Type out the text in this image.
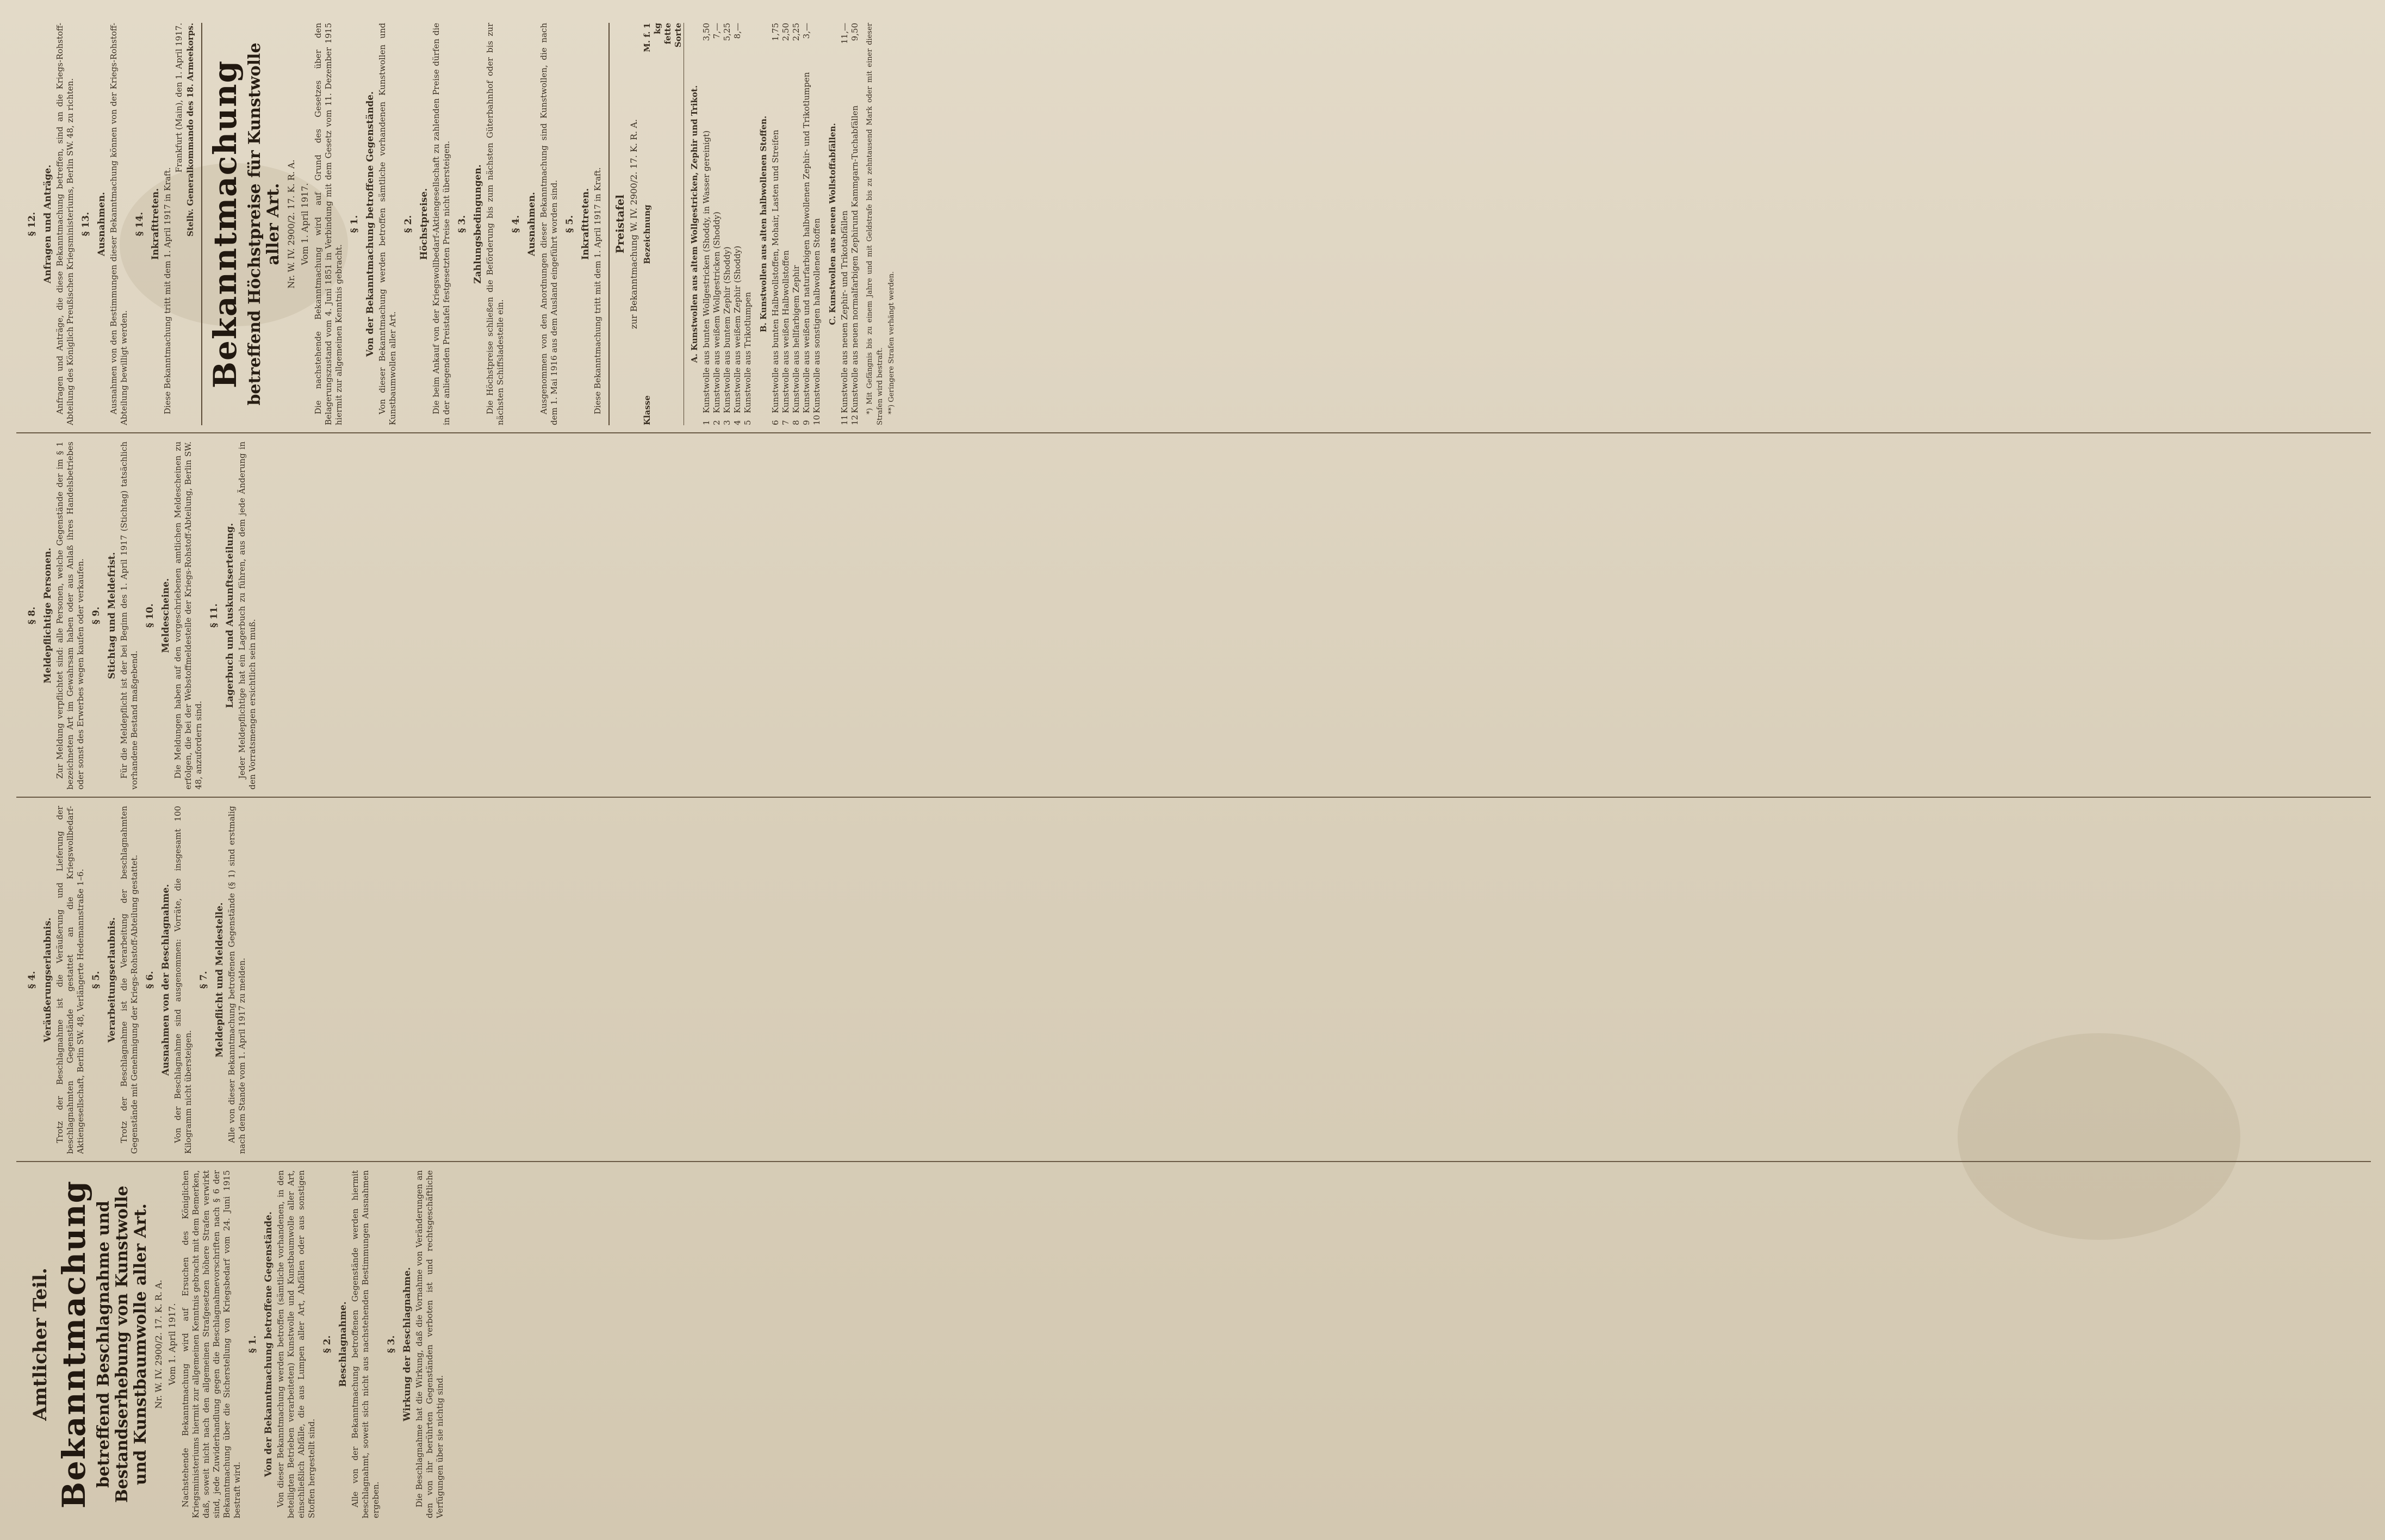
Amtlicher Teil. Bekanntmachung betreffend Beschlagnahme und Bestandserhebung von Kunstwolle und Kunstbaumwolle aller Art. Nr. W. IV. 2900/2. 17. K. R. A. Vom 1. April 1917. Nachstehende Bekanntmachung wird auf Ersuchen des Königlichen Kriegsministeriums hiermit zur allgemeinen Kenntnis gebracht mit dem Bemerken, daß, soweit nicht nach den allgemeinen Strafgesetzen höhere Strafen verwirkt sind, jede Zuwiderhandlung gegen die Beschlagnahmevorschriften nach § 6 der Bekanntmachung über die Sicherstellung von Kriegsbedarf vom 24. Juni 1915 bestraft wird.
§ 1. Von der Bekanntmachung betroffene Gegenstände. Von dieser Bekanntmachung werden betroffen (sämtliche vorhandenen, in den beteiligten Betrieben verarbeiteten) Kunstwolle und Kunstbaumwolle aller Art, einschließlich Abfälle, die aus Lumpen aller Art, Abfällen oder aus sonstigen Stoffen hergestellt sind.
§ 2. Beschlagnahme. Alle von der Bekanntmachung betroffenen Gegenstände werden hiermit beschlagnahmt, soweit sich nicht aus nachstehenden Bestimmungen Ausnahmen ergeben.
§ 3. Wirkung der Beschlagnahme. Die Beschlagnahme hat die Wirkung, daß die Vornahme von Veränderungen an den von ihr berührten Gegenständen verboten ist und rechtsgeschäftliche Verfügungen über sie nichtig sind.
§ 4. Veräußerungserlaubnis. Trotz der Beschlagnahme ist die Veräußerung und Lieferung der beschlagnahmten Gegenstände gestattet an die Kriegswollbedarf-Aktiengesellschaft, Berlin SW. 48, Verlängerte Hedemannstraße 1–6. § 5. Verarbeitungserlaubnis. Trotz der Beschlagnahme ist die Verarbeitung der beschlagnahmten Gegenstände mit Genehmigung der Kriegs-Rohstoff-Abteilung gestattet. § 6. Ausnahmen von der Beschlagnahme. Von der Beschlagnahme sind ausgenommen: Vorräte, die insgesamt 100 Kilogramm nicht übersteigen.
§ 7. Meldepflicht und Meldestelle. Alle von dieser Bekanntmachung betroffenen Gegenstände (§ 1) sind erstmalig nach dem Stande vom 1. April 1917 zu melden.
§ 8. Meldepflichtige Personen. Zur Meldung verpflichtet sind: alle Personen, welche Gegenstände der im § 1 bezeichneten Art im Gewahrsam haben oder aus Anlaß ihres Handelsbetriebes oder sonst des Erwerbes wegen kaufen oder verkaufen. § 9. Stichtag und Meldefrist. Für die Meldepflicht ist der bei Beginn des 1. April 1917 (Stichtag) tatsächlich vorhandene Bestand maßgebend.
§ 10. Meldescheine. Die Meldungen haben auf den vorgeschriebenen amtlichen Meldescheinen zu erfolgen, die bei der Webstoffmeldestelle der Kriegs-Rohstoff-Abteilung, Berlin SW. 48, anzufordern sind.
§ 11. Lagerbuch und Auskunftserteilung. Jeder Meldepflichtige hat ein Lagerbuch zu führen, aus dem jede Änderung in den Vorratsmengen ersichtlich sein muß.
§ 12. Anfragen und Anträge. Anfragen und Anträge, die diese Bekanntmachung betreffen, sind an die Kriegs-Rohstoff-Abteilung des Königlich Preußischen Kriegsministeriums, Berlin SW. 48, zu richten. § 13. Ausnahmen. Ausnahmen von den Bestimmungen dieser Bekanntmachung können von der Kriegs-Rohstoff-Abteilung bewilligt werden.
§ 14. Inkrafttreten. Diese Bekanntmachung tritt mit dem 1. April 1917 in Kraft.
Frankfurt (Main), den 1. April 1917. Stellv. Generalkommando des 18. Armeekorps. Bekanntmachung betreffend Höchstpreise für Kunstwolle aller Art. Nr. W. IV. 2900/2. 17. K. R. A. Vom 1. April 1917. Die nachstehende Bekanntmachung wird auf Grund des Gesetzes über den Belagerungszustand vom 4. Juni 1851 in Verbindung mit dem Gesetz vom 11. Dezember 1915 hiermit zur allgemeinen Kenntnis gebracht.
§ 1. Von der Bekanntmachung betroffene Gegenstände. Von dieser Bekanntmachung werden betroffen sämtliche vorhandenen Kunstwollen und Kunstbaumwollen aller Art.
§ 2. Höchstpreise. Die beim Ankauf von der Kriegswollbedarf-Aktiengesellschaft zu zahlenden Preise dürfen die in der anliegenden Preistafel festgesetzten Preise nicht übersteigen. § 3. Zahlungsbedingungen. Die Höchstpreise schließen die Beförderung bis zum nächsten Güterbahnhof oder bis zur nächsten Schiffsladestelle ein.
§ 4. Ausnahmen. Ausgenommen von den Anordnungen dieser Bekanntmachung sind Kunstwollen, die nach dem 1. Mai 1916 aus dem Ausland eingeführt worden sind. § 5. Inkrafttreten. Diese Bekanntmachung tritt mit dem 1. April 1917 in Kraft. Preistafel zur Bekanntmachung W. IV. 2900/2. 17. K. R. A.
Klasse
Bezeichnung
M. f. 1 kg fette Sorte
A. Kunstwollen aus altem Wollgestricken, Zephir und Trikot.
1
Kunstwolle aus bunten Wollgestricken (Shoddy, in Wasser gereinigt)
3,50
2
Kunstwolle aus weißem Wollgestricken (Shoddy)
7,—
3
Kunstwolle aus buntem Zephir (Shoddy)
5,25
4
Kunstwolle aus weißem Zephir (Shoddy)
8,—
5
Kunstwolle aus Trikotlumpen
B. Kunstwollen aus alten halbwollenen Stoffen.
6
Kunstwolle aus bunten Halbwollstoffen, Mohair, Lasten und Streifen
1,75
7
Kunstwolle aus weißen Halbwollstoffen
2,50
8
Kunstwolle aus hellfarbigem Zephir
2,25
9
Kunstwolle aus weißen und naturfarbigen halbwollenen Zephir- und Trikotlumpen
3,—
10
Kunstwolle aus sonstigen halbwollenen Stoffen C. Kunstwollen aus neuen Wollstoffabfällen.
11
Kunstwolle aus neuen Zephir- und Trikotabfällen
11,—
12
Kunstwolle aus neuen normalfarbigen Zephirund Kammgarn-Tuchabfällen
9,50 *) Mit Gefängnis bis zu einem Jahre und mit Geldstrafe bis zu zehntausend Mark oder mit einer dieser Strafen wird bestraft. **) Geringere Strafen verhängt werden.
